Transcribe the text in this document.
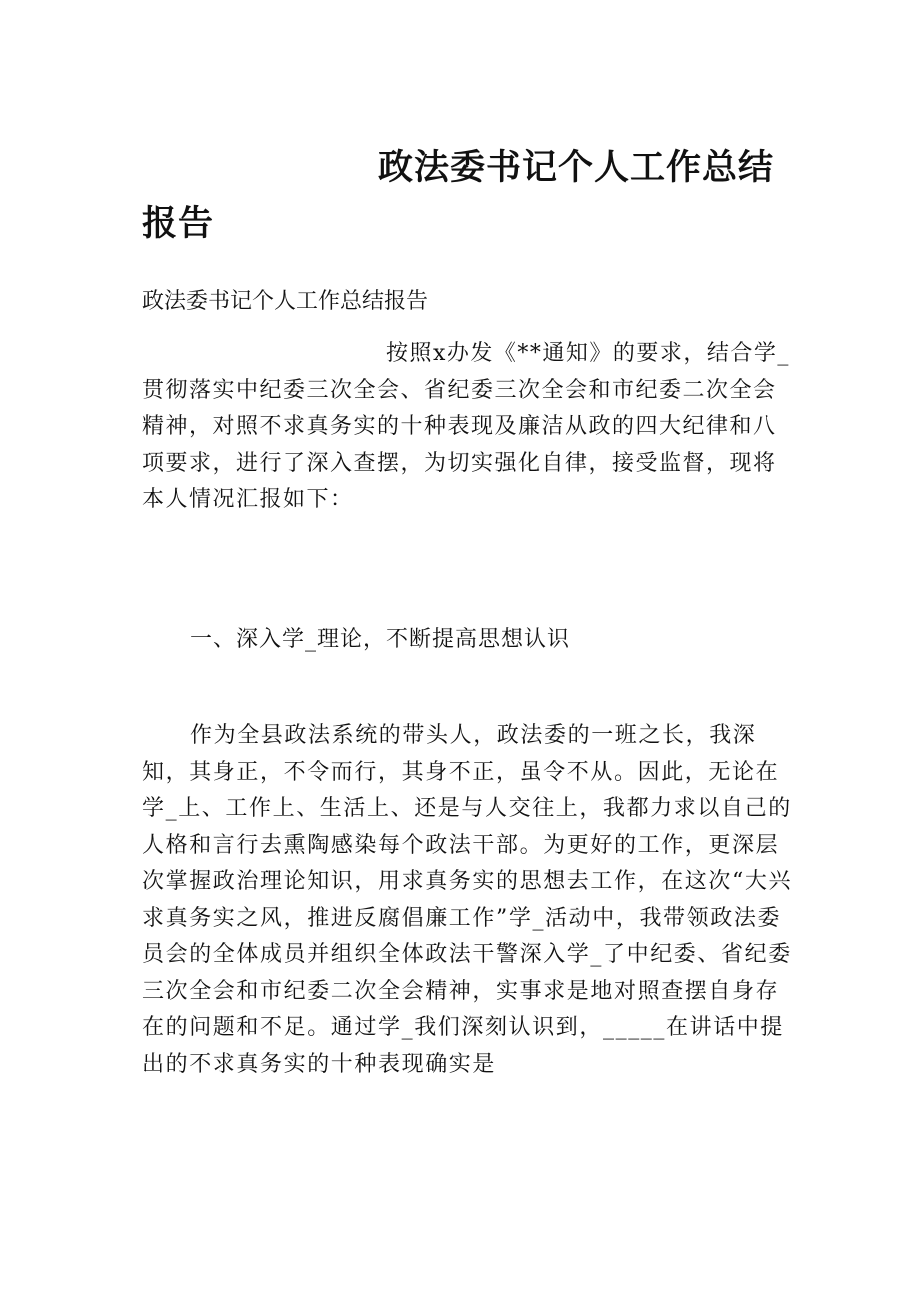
政法委书记个人工作总结报告

政法委书记个人工作总结报告

按照x办发《**通知》的要求，结合学_贯彻落实中纪委三次全会、省纪委三次全会和市纪委二次全会精神，对照不求真务实的十种表现及廉洁从政的四大纪律和八项要求，进行了深入查摆，为切实强化自律，接受监督，现将本人情况汇报如下：

一、深入学_理论，不断提高思想认识

作为全县政法系统的带头人，政法委的一班之长，我深知，其身正，不令而行，其身不正，虽令不从。因此，无论在学_上、工作上、生活上、还是与人交往上，我都力求以自己的人格和言行去熏陶感染每个政法干部。为更好的工作，更深层次掌握政治理论知识，用求真务实的思想去工作，在这次“大兴求真务实之风，推进反腐倡廉工作”学_活动中，我带领政法委员会的全体成员并组织全体政法干警深入学_了中纪委、省纪委三次全会和市纪委二次全会精神，实事求是地对照查摆自身存在的问题和不足。通过学_我们深刻认识到，_____在讲话中提出的不求真务实的十种表现确实是
